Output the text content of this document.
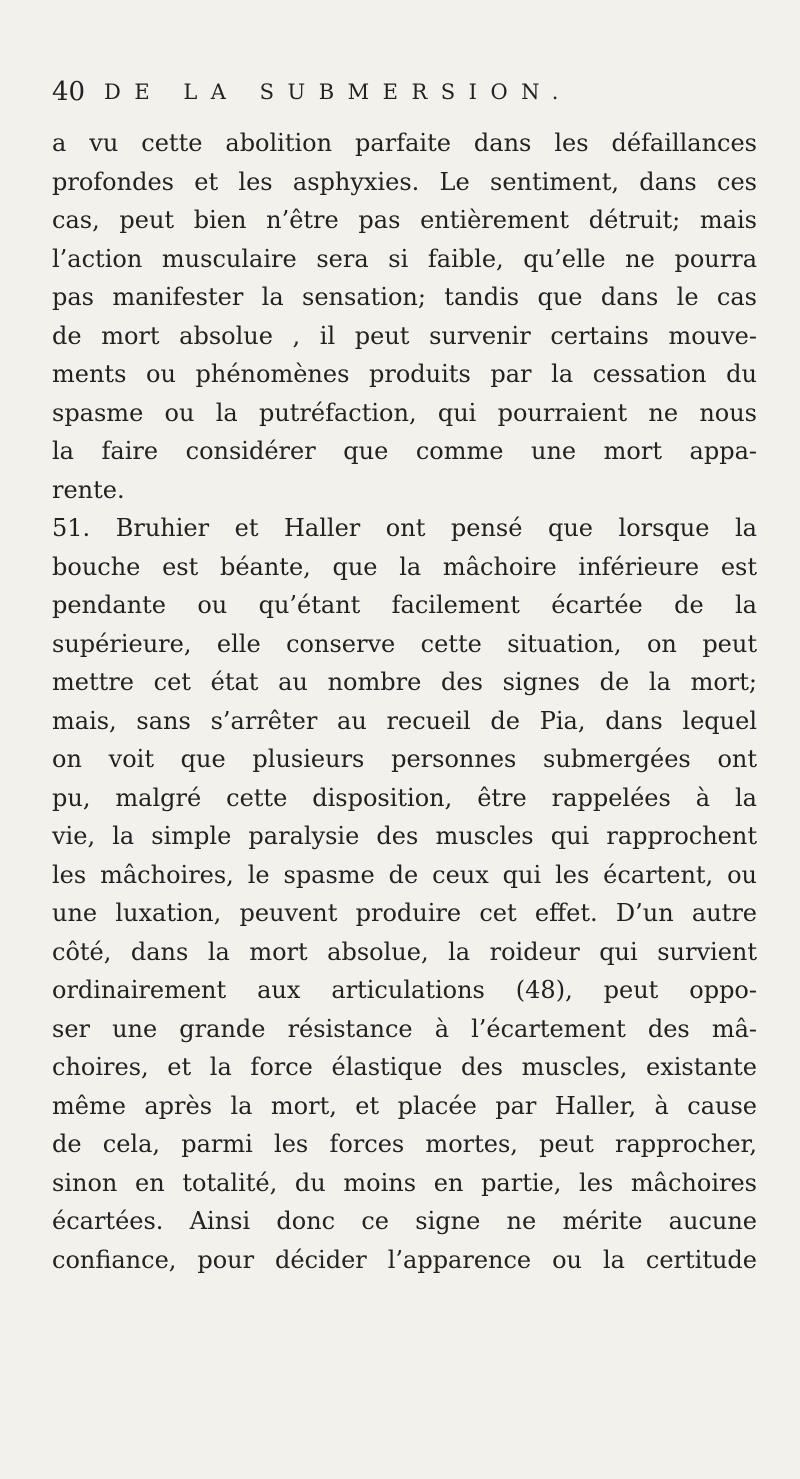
40 DE LA SUBMERSION.
a vu cette abolition parfaite dans les défaillances
profondes et les asphyxies. Le sentiment, dans ces
cas, peut bien n’être pas entièrement détruit; mais
l’action musculaire sera si faible, qu’elle ne pourra
pas manifester la sensation; tandis que dans le cas
de mort absolue , il peut survenir certains mouve-
ments ou phénomènes produits par la cessation du
spasme ou la putréfaction, qui pourraient ne nous
la faire considérer que comme une mort appa-
rente.
51. Bruhier et Haller ont pensé que lorsque la
bouche est béante, que la mâchoire inférieure est
pendante ou qu’étant facilement écartée de la
supérieure, elle conserve cette situation, on peut
mettre cet état au nombre des signes de la mort;
mais, sans s’arrêter au recueil de Pia, dans lequel
on voit que plusieurs personnes submergées ont
pu, malgré cette disposition, être rappelées à la
vie, la simple paralysie des muscles qui rapprochent
les mâchoires, le spasme de ceux qui les écartent, ou
une luxation, peuvent produire cet effet. D’un autre
côté, dans la mort absolue, la roideur qui survient
ordinairement aux articulations (48), peut oppo-
ser une grande résistance à l’écartement des mâ-
choires, et la force élastique des muscles, existante
même après la mort, et placée par Haller, à cause
de cela, parmi les forces mortes, peut rapprocher,
sinon en totalité, du moins en partie, les mâchoires
écartées. Ainsi donc ce signe ne mérite aucune
confiance, pour décider l’apparence ou la certitude
